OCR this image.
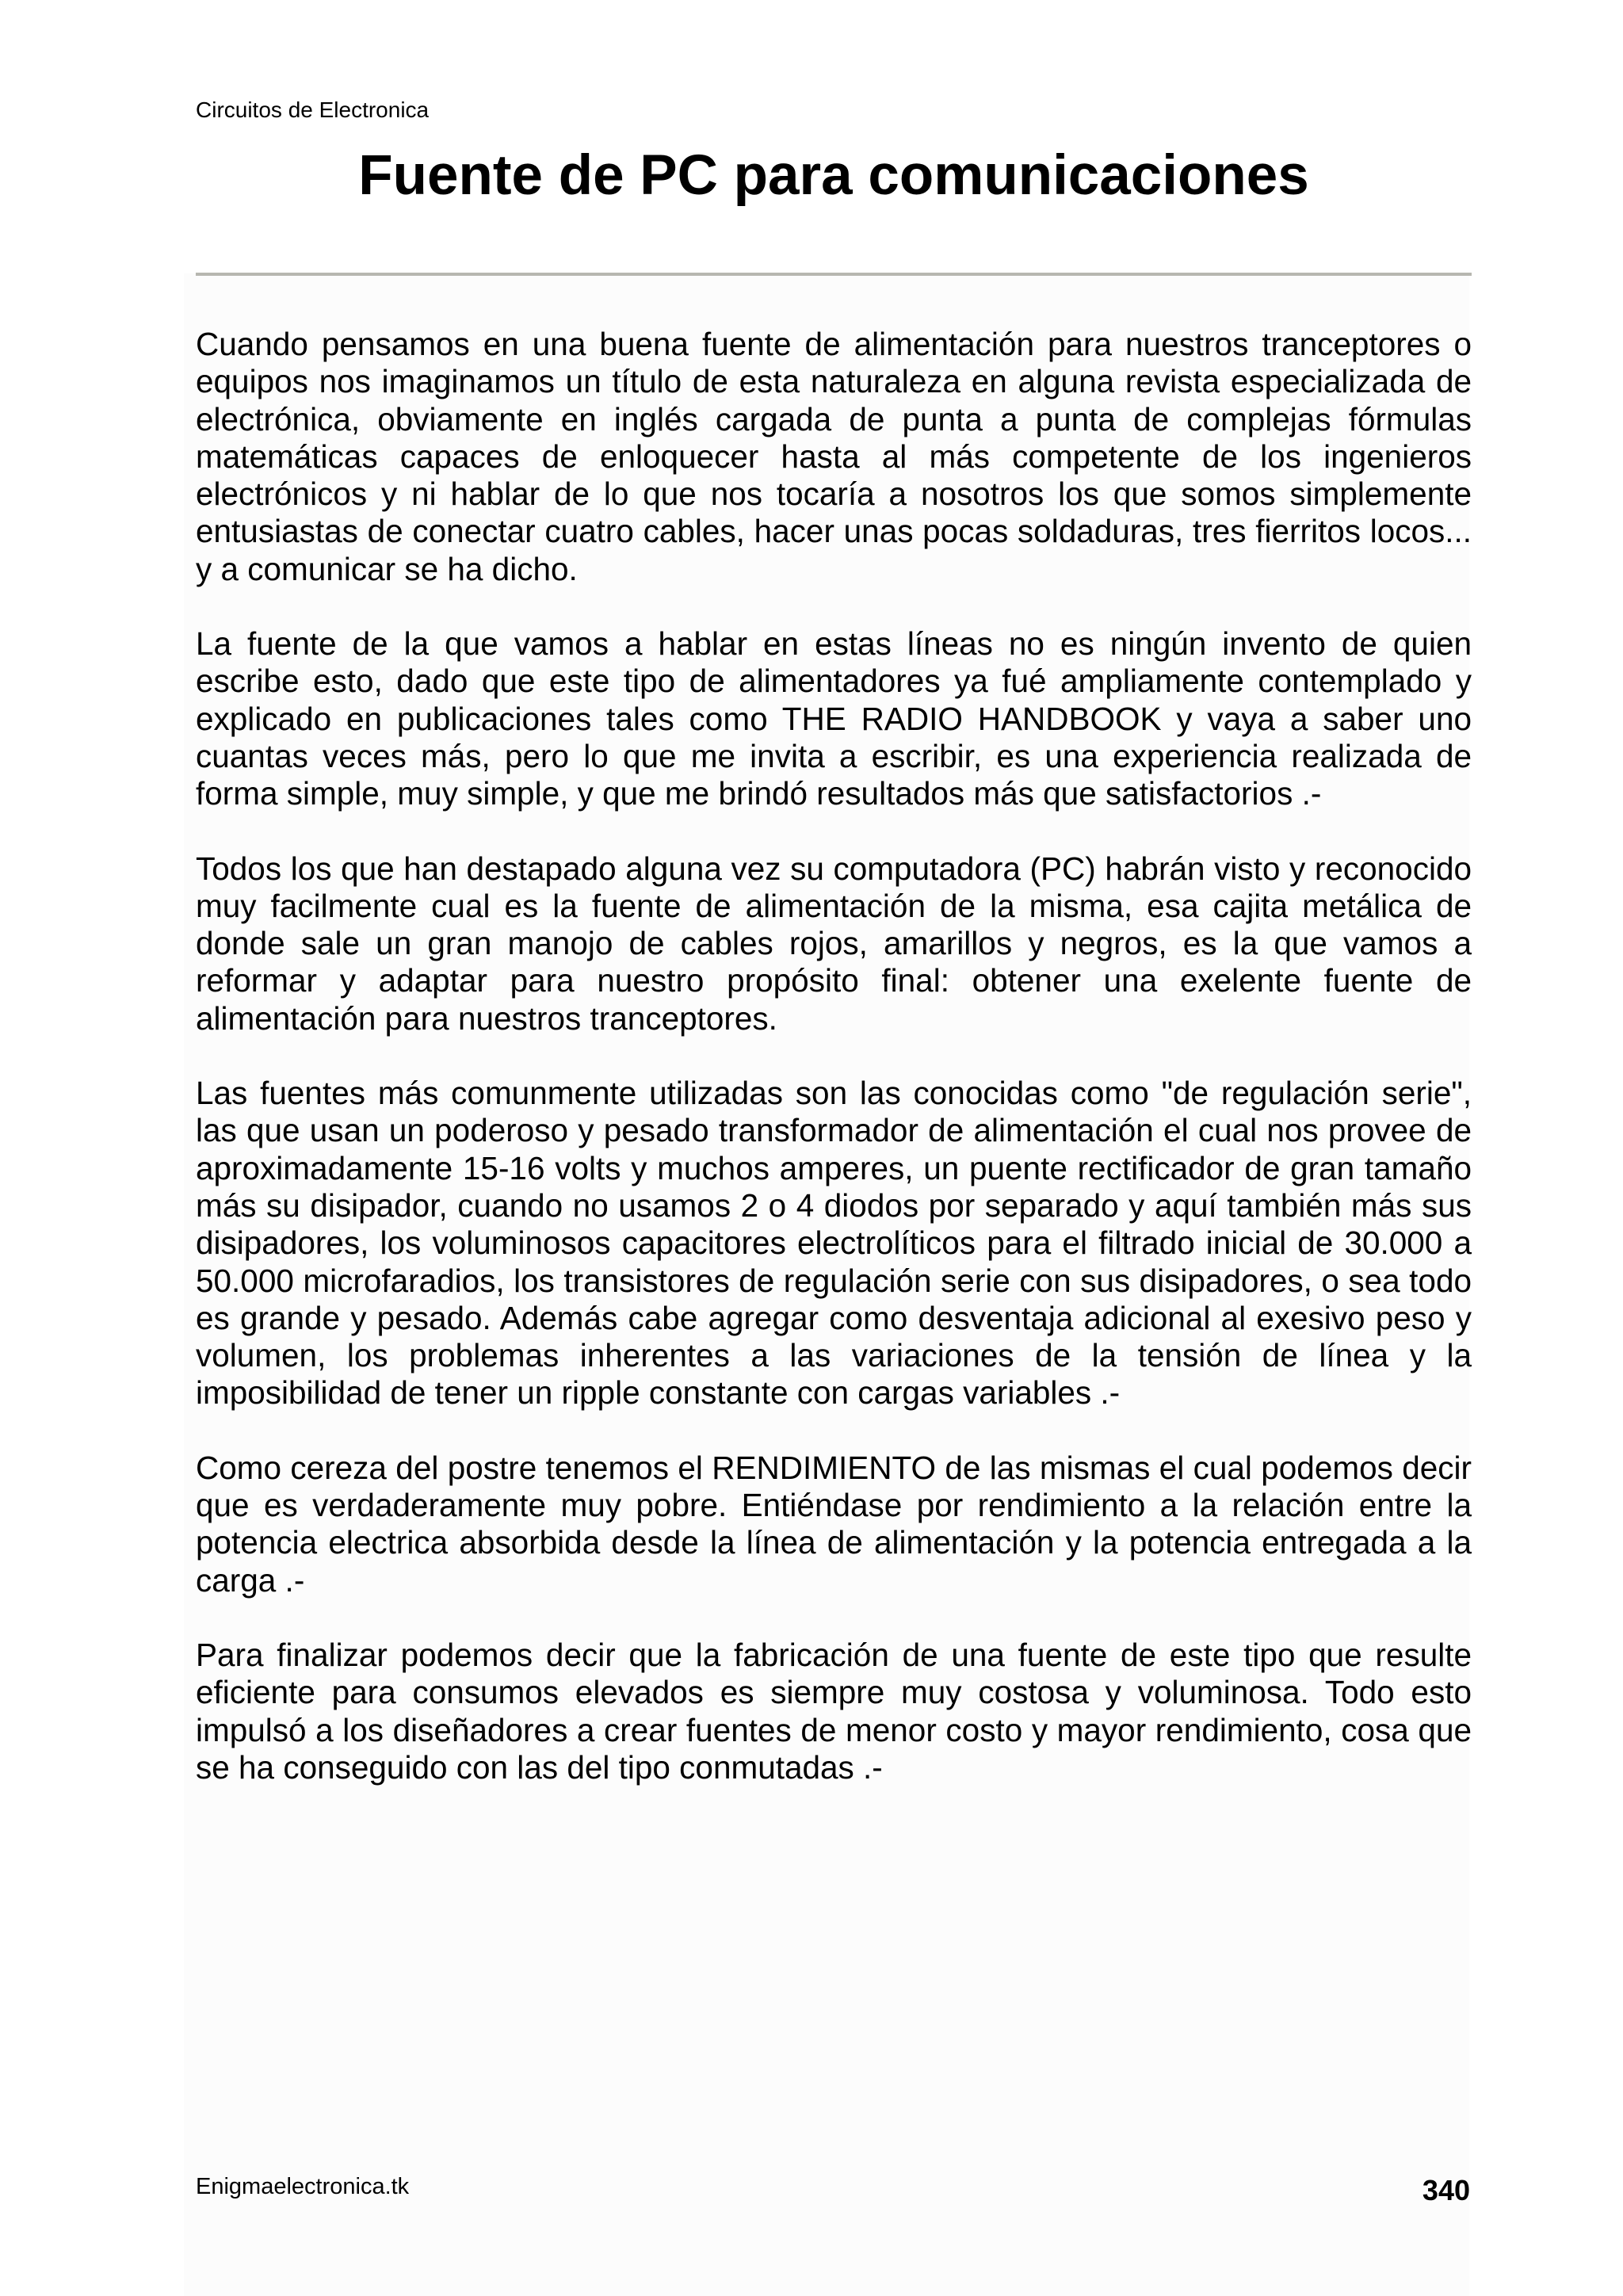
Circuitos de Electronica
Fuente de PC para comunicaciones

Cuando pensamos en una buena fuente de alimentación para nuestros tranceptores o equipos nos imaginamos un título de esta naturaleza en alguna revista especializada de electrónica, obviamente en inglés cargada de punta a punta de complejas fórmulas matemáticas capaces de enloquecer hasta al más competente de los ingenieros electrónicos y ni hablar de lo que nos tocaría a nosotros los que somos simplemente entusiastas de conectar cuatro cables, hacer unas pocas soldaduras, tres fierritos locos... y a comunicar se ha dicho.

La fuente de la que vamos a hablar en estas líneas no es ningún invento de quien escribe esto, dado que este tipo de alimentadores ya fué ampliamente contemplado y explicado en publicaciones tales como THE RADIO HANDBOOK y vaya a saber uno cuantas veces más, pero lo que me invita a escribir, es una experiencia realizada de forma simple, muy simple, y que me brindó resultados más que satisfactorios .-

Todos los que han destapado alguna vez su computadora (PC) habrán visto y reconocido muy facilmente cual es la fuente de alimentación de la misma, esa cajita metálica de donde sale un gran manojo de cables rojos, amarillos y negros, es la que vamos a reformar y adaptar para nuestro propósito final: obtener una exelente fuente de alimentación para nuestros tranceptores.

Las fuentes más comunmente utilizadas son las conocidas como "de regulación serie", las que usan un poderoso y pesado transformador de alimentación el cual nos provee de aproximadamente 15-16 volts y muchos amperes, un puente rectificador de gran tamaño más su disipador, cuando no usamos 2 o 4 diodos por separado y aquí también más sus disipadores, los voluminosos capacitores electrolíticos para el filtrado inicial de 30.000 a 50.000 microfaradios, los transistores de regulación serie con sus disipadores, o sea todo es grande y pesado. Además cabe agregar como desventaja adicional al exesivo peso y volumen, los problemas inherentes a las variaciones de la tensión de línea y la imposibilidad de tener un ripple constante con cargas variables .-

Como cereza del postre tenemos el RENDIMIENTO de las mismas el cual podemos decir que es verdaderamente muy pobre. Entiéndase por rendimiento a la relación entre la potencia electrica absorbida desde la línea de alimentación y la potencia entregada a la carga .-

Para finalizar podemos decir que la fabricación de una fuente de este tipo que resulte eficiente para consumos elevados es siempre muy costosa y voluminosa. Todo esto impulsó a los diseñadores a crear fuentes de menor costo y mayor rendimiento, cosa que se ha conseguido con las del tipo conmutadas .-

Enigmaelectronica.tk	340
